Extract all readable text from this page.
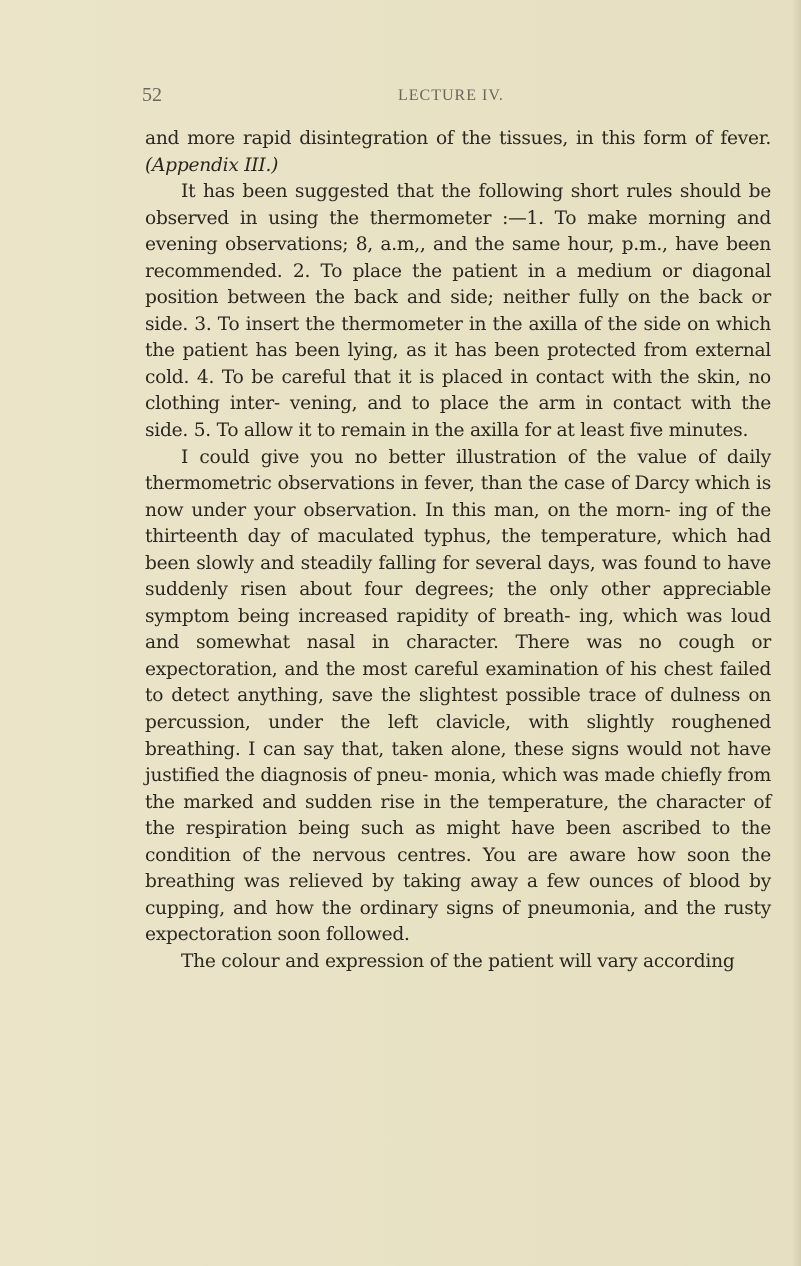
52	LECTURE IV.

and more rapid disintegration of the tissues, in this form of fever. (Appendix III.)

It has been suggested that the following short rules should be observed in using the thermometer :—1. To make morning and evening observations; 8, a.m,, and the same hour, p.m., have been recommended. 2. To place the patient in a medium or diagonal position between the back and side; neither fully on the back or side. 3. To insert the thermometer in the axilla of the side on which the patient has been lying, as it has been protected from external cold. 4. To be careful that it is placed in contact with the skin, no clothing inter- vening, and to place the arm in contact with the side. 5. To allow it to remain in the axilla for at least five minutes.

I could give you no better illustration of the value of daily thermometric observations in fever, than the case of Darcy which is now under your observation. In this man, on the morn- ing of the thirteenth day of maculated typhus, the temperature, which had been slowly and steadily falling for several days, was found to have suddenly risen about four degrees; the only other appreciable symptom being increased rapidity of breath- ing, which was loud and somewhat nasal in character. There was no cough or expectoration, and the most careful examination of his chest failed to detect anything, save the slightest possible trace of dulness on percussion, under the left clavicle, with slightly roughened breathing. I can say that, taken alone, these signs would not have justified the diagnosis of pneu- monia, which was made chiefly from the marked and sudden rise in the temperature, the character of the respiration being such as might have been ascribed to the condition of the nervous centres. You are aware how soon the breathing was relieved by taking away a few ounces of blood by cupping, and how the ordinary signs of pneumonia, and the rusty expectoration soon followed.

The colour and expression of the patient will vary according
